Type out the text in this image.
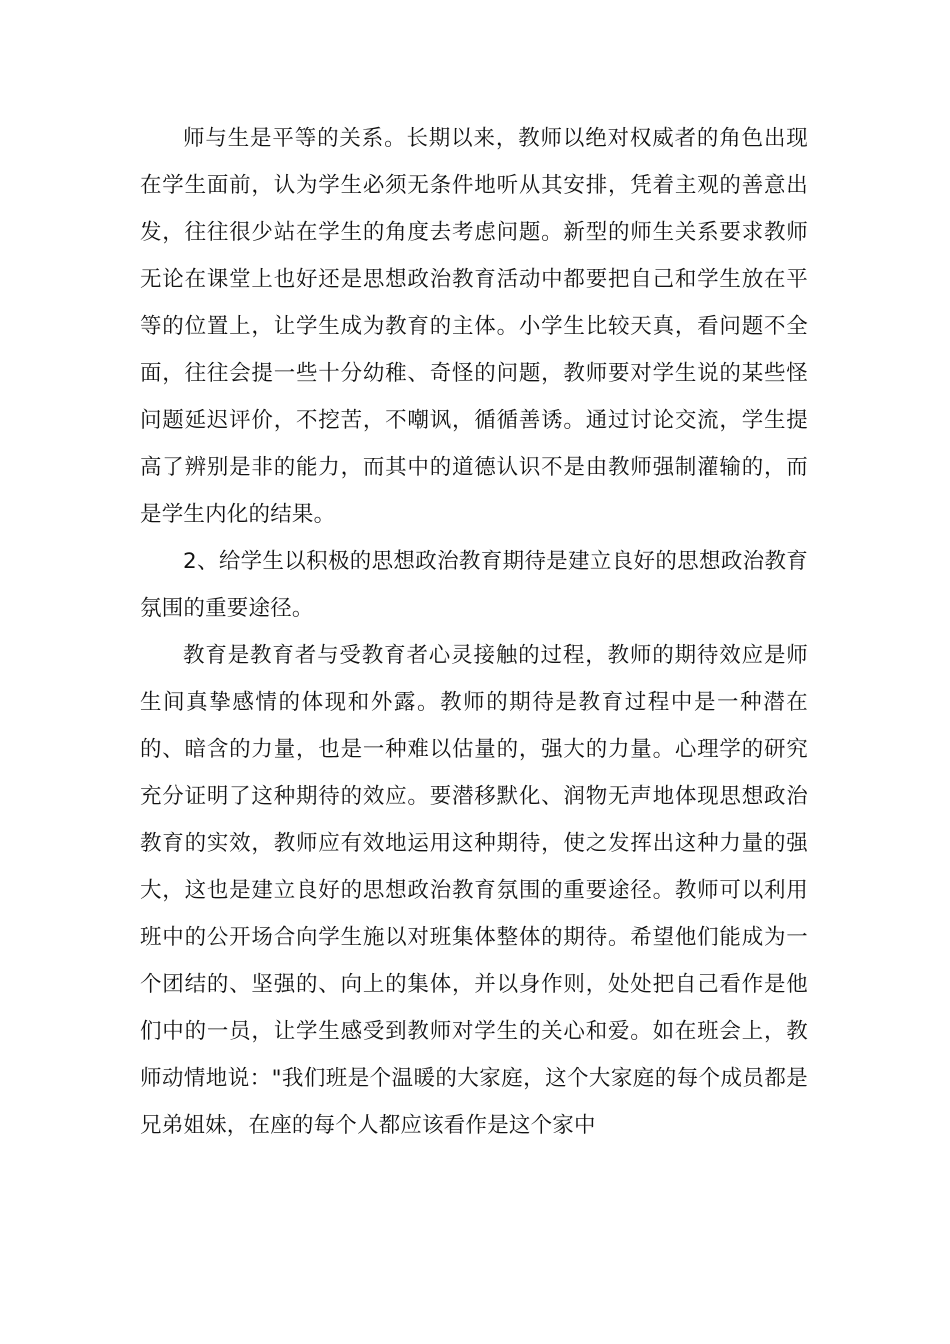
师与生是平等的关系。长期以来，教师以绝对权威者的角色出现在学生面前，认为学生必须无条件地听从其安排，凭着主观的善意出发，往往很少站在学生的角度去考虑问题。新型的师生关系要求教师无论在课堂上也好还是思想政治教育活动中都要把自己和学生放在平等的位置上，让学生成为教育的主体。小学生比较天真，看问题不全面，往往会提一些十分幼稚、奇怪的问题，教师要对学生说的某些怪问题延迟评价，不挖苦，不嘲讽，循循善诱。通过讨论交流，学生提高了辨别是非的能力，而其中的道德认识不是由教师强制灌输的，而是学生内化的结果。

2、给学生以积极的思想政治教育期待是建立良好的思想政治教育氛围的重要途径。

教育是教育者与受教育者心灵接触的过程，教师的期待效应是师生间真挚感情的体现和外露。教师的期待是教育过程中是一种潜在的、暗含的力量，也是一种难以估量的，强大的力量。心理学的研究充分证明了这种期待的效应。要潜移默化、润物无声地体现思想政治教育的实效，教师应有效地运用这种期待，使之发挥出这种力量的强大，这也是建立良好的思想政治教育氛围的重要途径。教师可以利用班中的公开场合向学生施以对班集体整体的期待。希望他们能成为一个团结的、坚强的、向上的集体，并以身作则，处处把自己看作是他们中的一员，让学生感受到教师对学生的关心和爱。如在班会上，教师动情地说："我们班是个温暖的大家庭，这个大家庭的每个成员都是兄弟姐妹，在座的每个人都应该看作是这个家中
